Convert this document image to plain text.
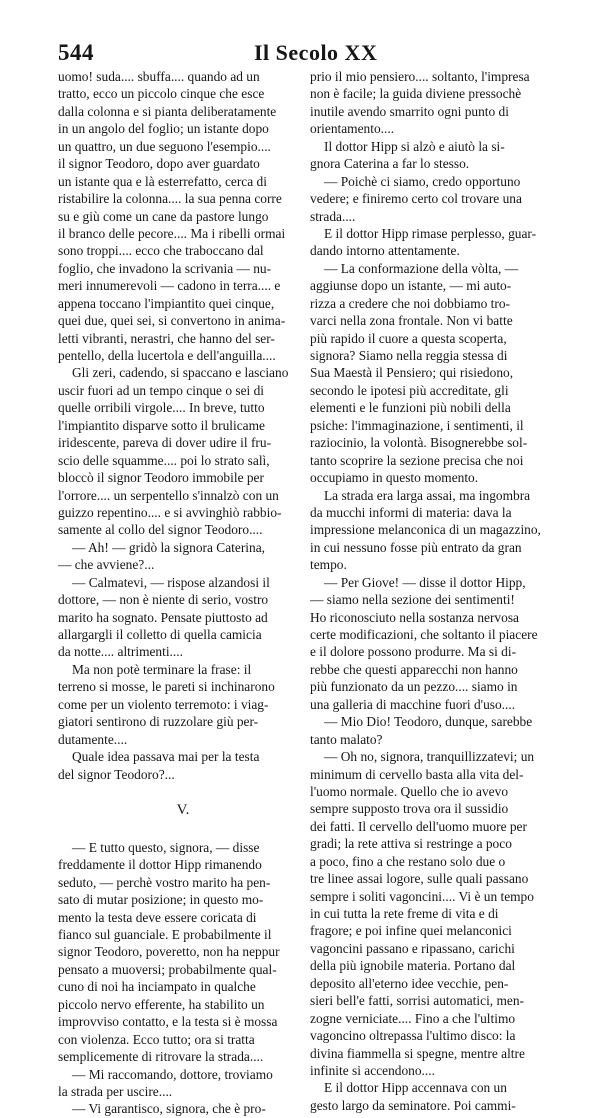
544	Il Secolo XX
uomo! suda.... sbuffa.... quando ad un
tratto, ecco un piccolo cinque che esce
dalla colonna e si pianta deliberatamente
in un angolo del foglio; un istante dopo
un quattro, un due seguono l'esempio....
il signor Teodoro, dopo aver guardato
un istante qua e là esterrefatto, cerca di
ristabilire la colonna.... la sua penna corre
su e giù come un cane da pastore lungo
il branco delle pecore.... Ma i ribelli ormai
sono troppi.... ecco che traboccano dal
foglio, che invadono la scrivania — nu-
meri innumerevoli — cadono in terra.... e
appena toccano l'impiantito quei cinque,
quei due, quei sei, si convertono in anima-
letti vibranti, nerastri, che hanno del ser-
pentello, della lucertola e dell'anguilla....
Gli zeri, cadendo, si spaccano e lasciano
uscir fuori ad un tempo cinque o sei di
quelle orribili virgole.... In breve, tutto
l'impiantito disparve sotto il brulicame
iridescente, pareva di dover udire il fru-
scio delle squamme.... poi lo strato salì,
bloccò il signor Teodoro immobile per
l'orrore.... un serpentello s'innalzò con un
guizzo repentino.... e si avvinghiò rabbio-
samente al collo del signor Teodoro....
— Ah! — gridò la signora Caterina,
— che avviene?...
— Calmatevi, — rispose alzandosi il
dottore, — non è niente di serio, vostro
marito ha sognato. Pensate piuttosto ad
allargargli il colletto di quella camicia
da notte.... altrimenti....
Ma non potè terminare la frase: il
terreno si mosse, le pareti si inchinarono
come per un violento terremoto: i viag-
giatori sentirono di ruzzolare giù per-
dutamente....
Quale idea passava mai per la testa
del signor Teodoro?...
V.
— E tutto questo, signora, — disse
freddamente il dottor Hipp rimanendo
seduto, — perchè vostro marito ha pen-
sato di mutar posizione; in questo mo-
mento la testa deve essere coricata di
fianco sul guanciale. E probabilmente il
signor Teodoro, poveretto, non ha neppur
pensato a muoversi; probabilmente qual-
cuno di noi ha inciampato in qualche
piccolo nervo efferente, ha stabilito un
improvviso contatto, e la testa si è mossa
con violenza. Ecco tutto; ora si tratta
semplicemente di ritrovare la strada....
— Mi raccomando, dottore, troviamo
la strada per uscire....
— Vi garantisco, signora, che è pro-
prio il mio pensiero.... soltanto, l'impresa
non è facile; la guida diviene pressochè
inutile avendo smarrito ogni punto di
orientamento....
Il dottor Hipp si alzò e aiutò la si-
gnora Caterina a far lo stesso.
— Poichè ci siamo, credo opportuno
vedere; e finiremo certo col trovare una
strada....
E il dottor Hipp rimase perplesso, guar-
dando intorno attentamente.
— La conformazione della vòlta, —
aggiunse dopo un istante, — mi auto-
rizza a credere che noi dobbiamo tro-
varci nella zona frontale. Non vi batte
più rapido il cuore a questa scoperta,
signora? Siamo nella reggia stessa di
Sua Maestà il Pensiero; qui risiedono,
secondo le ipotesi più accreditate, gli
elementi e le funzioni più nobili della
psiche: l'immaginazione, i sentimenti, il
raziocinio, la volontà. Bisognerebbe sol-
tanto scoprire la sezione precisa che noi
occupiamo in questo momento.
La strada era larga assai, ma ingombra
da mucchi informi di materia: dava la
impressione melanconica di un magazzino,
in cui nessuno fosse più entrato da gran
tempo.
— Per Giove! — disse il dottor Hipp,
— siamo nella sezione dei sentimenti!
Ho riconosciuto nella sostanza nervosa
certe modificazioni, che soltanto il piacere
e il dolore possono produrre. Ma si di-
rebbe che questi apparecchi non hanno
più funzionato da un pezzo.... siamo in
una galleria di macchine fuori d'uso....
— Mio Dio! Teodoro, dunque, sarebbe
tanto malato?
— Oh no, signora, tranquillizzatevi; un
minimum di cervello basta alla vita del-
l'uomo normale. Quello che io avevo
sempre supposto trova ora il sussidio
dei fatti. Il cervello dell'uomo muore per
gradi; la rete attiva si restringe a poco
a poco, fino a che restano solo due o
tre linee assai logore, sulle quali passano
sempre i soliti vagoncini.... Vi è un tempo
in cui tutta la rete freme di vita e di
fragore; e poi infine quei melanconici
vagoncini passano e ripassano, carichi
della più ignobile materia. Portano dal
deposito all'eterno idee vecchie, pen-
sieri bell'e fatti, sorrisi automatici, men-
zogne verniciate.... Fino a che l'ultimo
vagoncino oltrepassa l'ultimo disco: la
divina fiammella si spegne, mentre altre
infinite si accendono....
E il dottor Hipp accennava con un
gesto largo da seminatore. Poi cammi-
